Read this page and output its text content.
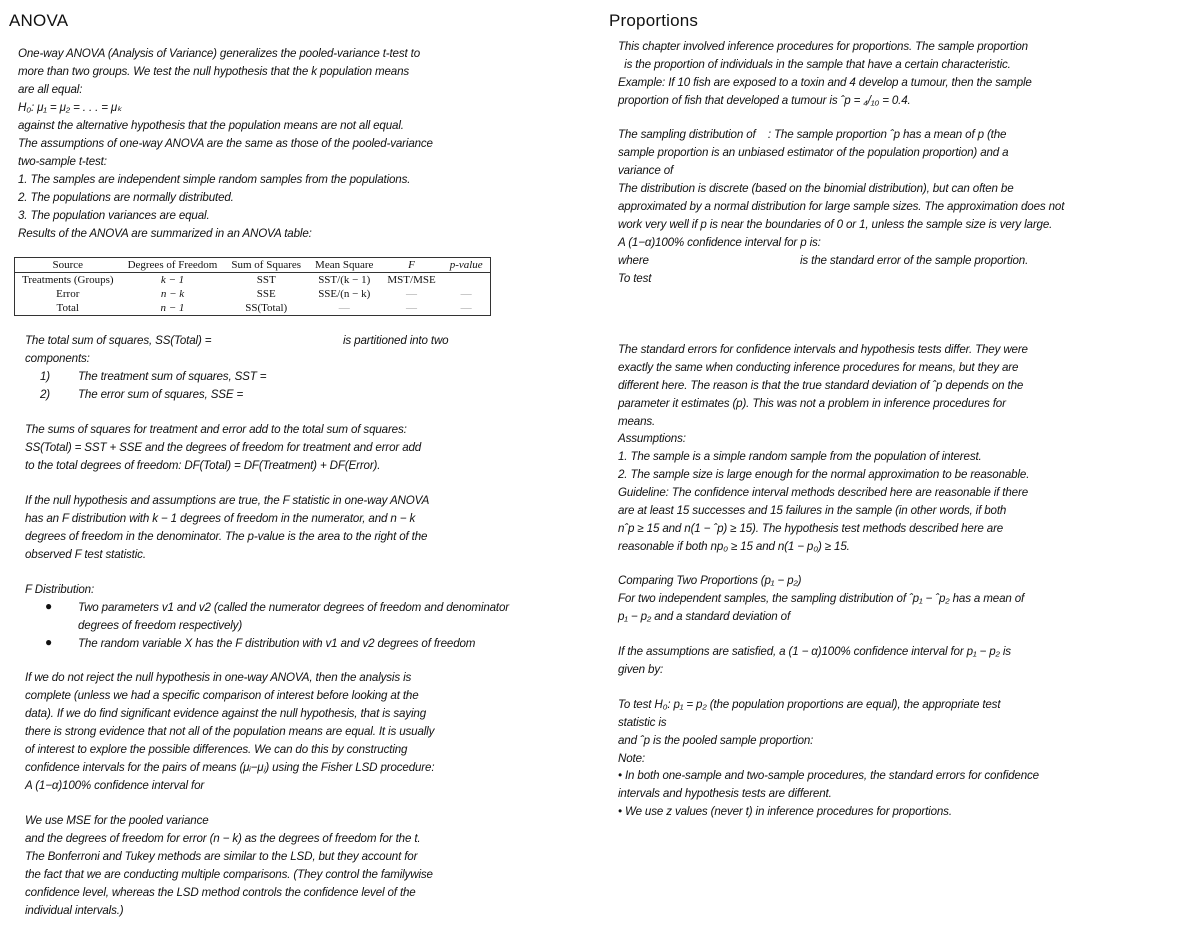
ANOVA
One-way ANOVA (Analysis of Variance) generalizes the pooled-variance t-test to
more than two groups. We test the null hypothesis that the k population means
are all equal:
H₀: μ₁ = μ₂ = . . . = μₖ
against the alternative hypothesis that the population means are not all equal.
The assumptions of one-way ANOVA are the same as those of the pooled-variance
two-sample t-test:
1. The samples are independent simple random samples from the populations.
2. The populations are normally distributed.
3. The population variances are equal.
Results of the ANOVA are summarized in an ANOVA table:
Source	Degrees of Freedom	Sum of Squares	Mean Square	F	p-value
Treatments (Groups)	k − 1	SST	SST/(k − 1)	MST/MSE	
Error	n − k	SSE	SSE/(n − k)	—	—
Total	n − 1	SS(Total)	—	—	—
The total sum of squares, SS(Total) =	is partitioned into two
components:
1) The treatment sum of squares, SST =
2) The error sum of squares, SSE =
The sums of squares for treatment and error add to the total sum of squares:
SS(Total) = SST + SSE and the degrees of freedom for treatment and error add
to the total degrees of freedom: DF(Total) = DF(Treatment) + DF(Error).
If the null hypothesis and assumptions are true, the F statistic in one-way ANOVA
has an F distribution with k − 1 degrees of freedom in the numerator, and n − k
degrees of freedom in the denominator. The p-value is the area to the right of the
observed F test statistic.
F Distribution:
● Two parameters v1 and v2 (called the numerator degrees of freedom and denominator
degrees of freedom respectively)
● The random variable X has the F distribution with v1 and v2 degrees of freedom
If we do not reject the null hypothesis in one-way ANOVA, then the analysis is
complete (unless we had a specific comparison of interest before looking at the
data). If we do find significant evidence against the null hypothesis, that is saying
there is strong evidence that not all of the population means are equal. It is usually
of interest to explore the possible differences. We can do this by constructing
confidence intervals for the pairs of means (μᵢ−μⱼ) using the Fisher LSD procedure:
A (1−α)100% confidence interval for
We use MSE for the pooled variance
and the degrees of freedom for error (n − k) as the degrees of freedom for the t.
The Bonferroni and Tukey methods are similar to the LSD, but they account for
the fact that we are conducting multiple comparisons. (They control the familywise
confidence level, whereas the LSD method controls the confidence level of the
individual intervals.)
Proportions
This chapter involved inference procedures for proportions. The sample proportion
is the proportion of individuals in the sample that have a certain characteristic.
Example: If 10 fish are exposed to a toxin and 4 develop a tumour, then the sample
proportion of fish that developed a tumour is ˆp = ₄/₁₀ = 0.4.
The sampling distribution of    : The sample proportion ˆp has a mean of p (the
sample proportion is an unbiased estimator of the population proportion) and a
variance of
The distribution is discrete (based on the binomial distribution), but can often be
approximated by a normal distribution for large sample sizes. The approximation does not
work very well if p is near the boundaries of 0 or 1, unless the sample size is very large.
A (1−α)100% confidence interval for p is:
where	is the standard error of the sample proportion.
To test
The standard errors for confidence intervals and hypothesis tests differ. They were
exactly the same when conducting inference procedures for means, but they are
different here. The reason is that the true standard deviation of ˆp depends on the
parameter it estimates (p). This was not a problem in inference procedures for
means.
Assumptions:
1. The sample is a simple random sample from the population of interest.
2. The sample size is large enough for the normal approximation to be reasonable.
Guideline: The confidence interval methods described here are reasonable if there
are at least 15 successes and 15 failures in the sample (in other words, if both
nˆp ≥ 15 and n(1 − ˆp) ≥ 15). The hypothesis test methods described here are
reasonable if both np₀ ≥ 15 and n(1 − p₀) ≥ 15.
Comparing Two Proportions (p₁ − p₂)
For two independent samples, the sampling distribution of ˆp₁ − ˆp₂ has a mean of
p₁ − p₂ and a standard deviation of
If the assumptions are satisfied, a (1 − α)100% confidence interval for p₁ − p₂ is
given by:
To test H₀: p₁ = p₂ (the population proportions are equal), the appropriate test
statistic is
and ˆp is the pooled sample proportion:
Note:
• In both one-sample and two-sample procedures, the standard errors for confidence
intervals and hypothesis tests are different.
• We use z values (never t) in inference procedures for proportions.
